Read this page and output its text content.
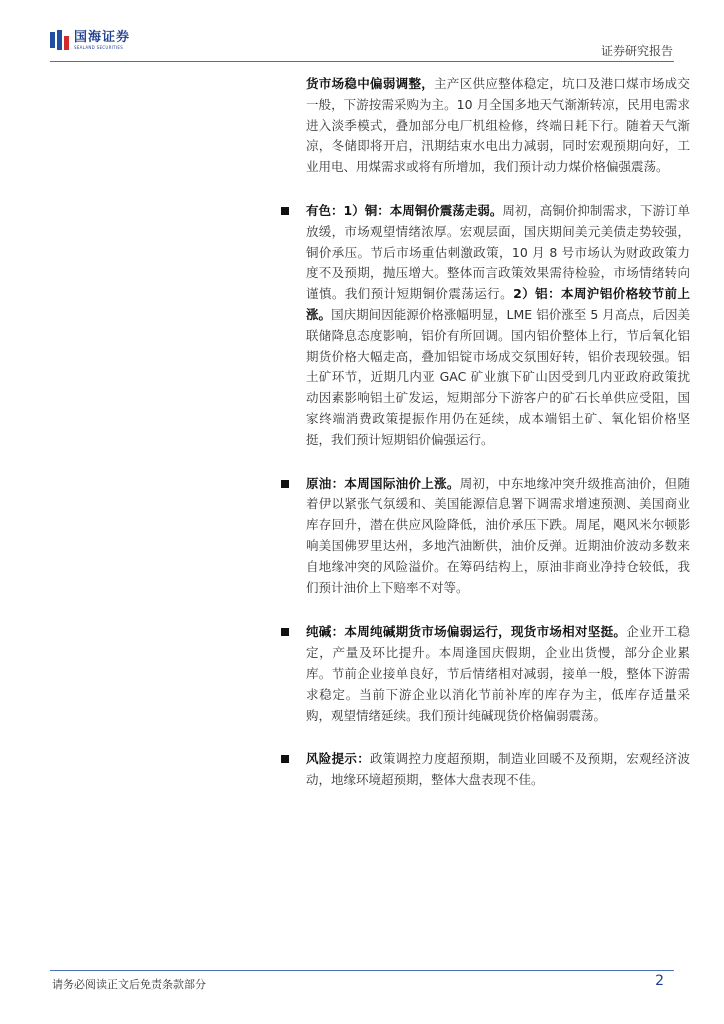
国海证券
SEALAND SECURITIES	证券研究报告
货市场稳中偏弱调整，主产区供应整体稳定，坑口及港口煤市场成交一般，下游按需采购为主。10 月全国多地天气渐渐转凉，民用电需求进入淡季模式，叠加部分电厂机组检修，终端日耗下行。随着天气渐凉，冬储即将开启，汛期结束水电出力减弱，同时宏观预期向好，工业用电、用煤需求或将有所增加，我们预计动力煤价格偏强震荡。
有色：1）铜：本周铜价震荡走弱。周初，高铜价抑制需求，下游订单放缓，市场观望情绪浓厚。宏观层面，国庆期间美元美债走势较强，铜价承压。节后市场重估刺激政策，10 月 8 号市场认为财政政策力度不及预期，抛压增大。整体而言政策效果需待检验，市场情绪转向谨慎。我们预计短期铜价震荡运行。2）铝：本周沪铝价格较节前上涨。国庆期间因能源价格涨幅明显，LME 铝价涨至 5 月高点，后因美联储降息态度影响，铝价有所回调。国内铝价整体上行，节后氧化铝期货价格大幅走高，叠加铝锭市场成交氛围好转，铝价表现较强。铝土矿环节，近期几内亚 GAC 矿业旗下矿山因受到几内亚政府政策扰动因素影响铝土矿发运，短期部分下游客户的矿石长单供应受阻，国家终端消费政策提振作用仍在延续，成本端铝土矿、氧化铝价格坚挺，我们预计短期铝价偏强运行。
原油：本周国际油价上涨。周初，中东地缘冲突升级推高油价，但随着伊以紧张气氛缓和、美国能源信息署下调需求增速预测、美国商业库存回升，潜在供应风险降低，油价承压下跌。周尾，飓风米尔顿影响美国佛罗里达州，多地汽油断供，油价反弹。近期油价波动多数来自地缘冲突的风险溢价。在筹码结构上，原油非商业净持仓较低，我们预计油价上下赔率不对等。
纯碱：本周纯碱期货市场偏弱运行，现货市场相对坚挺。企业开工稳定，产量及环比提升。本周逢国庆假期，企业出货慢，部分企业累库。节前企业接单良好，节后情绪相对减弱，接单一般，整体下游需求稳定。当前下游企业以消化节前补库的库存为主，低库存适量采购，观望情绪延续。我们预计纯碱现货价格偏弱震荡。
风险提示：政策调控力度超预期，制造业回暖不及预期，宏观经济波动，地缘环境超预期，整体大盘表现不佳。
请务必阅读正文后免责条款部分	2
